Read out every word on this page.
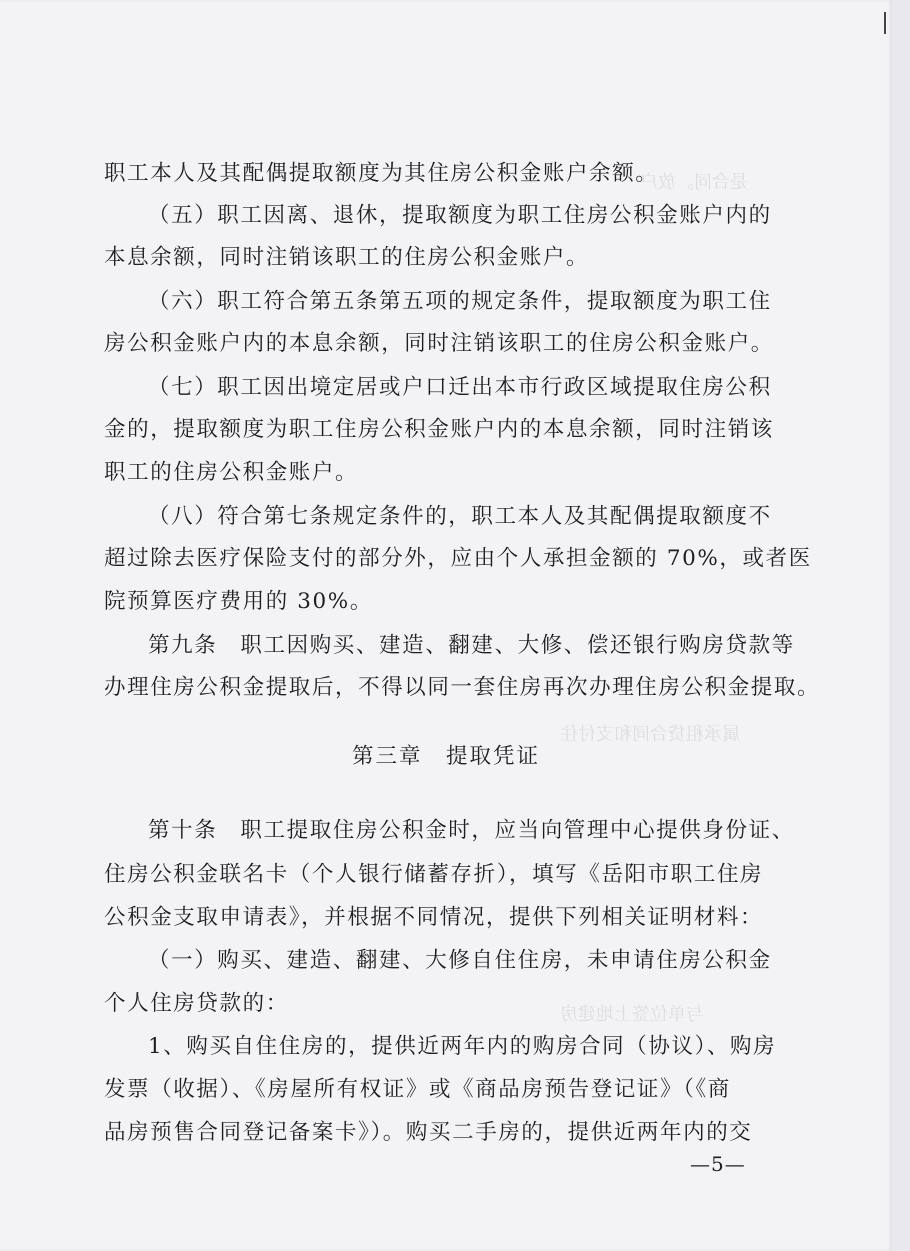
是合同。放户
属承租贷合同和支付住
与单位签上地建房
职工本人及其配偶提取额度为其住房公积金账户余额。
（五）职工因离、退休，提取额度为职工住房公积金账户内的
本息余额，同时注销该职工的住房公积金账户。
（六）职工符合第五条第五项的规定条件，提取额度为职工住
房公积金账户内的本息余额，同时注销该职工的住房公积金账户。
（七）职工因出境定居或户口迁出本市行政区域提取住房公积
金的，提取额度为职工住房公积金账户内的本息余额，同时注销该
职工的住房公积金账户。
（八）符合第七条规定条件的，职工本人及其配偶提取额度不
超过除去医疗保险支付的部分外，应由个人承担金额的 70%，或者医
院预算医疗费用的 30%。
第九条　职工因购买、建造、翻建、大修、偿还银行购房贷款等
办理住房公积金提取后，不得以同一套住房再次办理住房公积金提取。
第三章　提取凭证
第十条　职工提取住房公积金时，应当向管理中心提供身份证、
住房公积金联名卡（个人银行储蓄存折），填写《岳阳市职工住房
公积金支取申请表》，并根据不同情况，提供下列相关证明材料：
（一）购买、建造、翻建、大修自住住房，未申请住房公积金
个人住房贷款的：
1、购买自住住房的，提供近两年内的购房合同（协议）、购房
发票（收据）、《房屋所有权证》或《商品房预告登记证》（《商
品房预售合同登记备案卡》）。购买二手房的，提供近两年内的交
—5—
